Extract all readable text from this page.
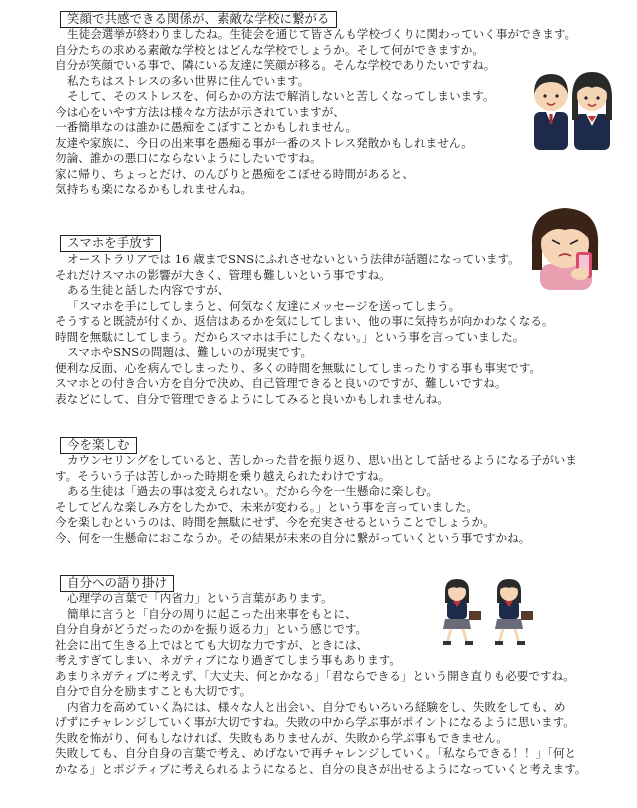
笑顔で共感できる関係が、素敵な学校に繋がる
生徒会選挙が終わりましたね。生徒会を通じて皆さんも学校づくりに関わっていく事ができます。
自分たちの求める素敵な学校とはどんな学校でしょうか。そして何ができますか。
自分が笑顔でいる事で、隣にいる友達に笑顔が移る。そんな学校でありたいですね。
私たちはストレスの多い世界に住んでいます。
そして、そのストレスを、何らかの方法で解消しないと苦しくなってしまいます。
今は心をいやす方法は様々な方法が示されていますが、
一番簡単なのは誰かに愚痴をこぼすことかもしれません。
友達や家族に、今日の出来事を愚痴る事が一番のストレス発散かもしれません。
勿論、誰かの悪口にならないようにしたいですね。
家に帰り、ちょっとだけ、のんびりと愚痴をこぼせる時間があると、
気持ちも楽になるかもしれませんね。
スマホを手放す
オーストラリアでは 16 歳までSNSにふれさせないという法律が話題になっています。
それだけスマホの影響が大きく、管理も難しいという事ですね。
ある生徒と話した内容ですが、
「スマホを手にしてしまうと、何気なく友達にメッセージを送ってしまう。
そうすると既読が付くか、返信はあるかを気にしてしまい、他の事に気持ちが向かわなくなる。
時間を無駄にしてしまう。だからスマホは手にしたくない。」という事を言っていました。
スマホやSNSの問題は、難しいのが現実です。
便利な反面、心を病んでしまったり、多くの時間を無駄にしてしまったりする事も事実です。
スマホとの付き合い方を自分で決め、自己管理できると良いのですが、難しいですね。
表などにして、自分で管理できるようにしてみると良いかもしれませんね。
今を楽しむ
カウンセリングをしていると、苦しかった昔を振り返り、思い出として話せるようになる子がいま
す。そういう子は苦しかった時期を乗り越えられたわけですね。
ある生徒は「過去の事は変えられない。だから今を一生懸命に楽しむ。
そしてどんな楽しみ方をしたかで、未来が変わる。」という事を言っていました。
今を楽しむというのは、時間を無駄にせず、今を充実させるということでしょうか。
今、何を一生懸命におこなうか。その結果が未来の自分に繋がっていくという事ですかね。
自分への語り掛け
心理学の言葉で「内省力」という言葉があります。
簡単に言うと「自分の周りに起こった出来事をもとに、
自分自身がどうだったのかを振り返る力」という感じです。
社会に出て生きる上ではとても大切な力ですが、ときには、
考えすぎてしまい、ネガティブになり過ぎてしまう事もあります。
あまりネガティブに考えず、「大丈夫、何とかなる」「君ならできる」という開き直りも必要ですね。
自分で自分を励ますことも大切です。
内省力を高めていく為には、様々な人と出会い、自分でもいろいろ経験をし、失敗をしても、め
げずにチャレンジしていく事が大切ですね。失敗の中から学ぶ事がポイントになるように思います。
失敗を怖がり、何もしなければ、失敗もありませんが、失敗から学ぶ事もできません。
失敗しても、自分自身の言葉で考え、めげないで再チャレンジしていく。「私ならできる！！」「何と
かなる」とポジティブに考えられるようになると、自分の良さが出せるようになっていくと考えます。
